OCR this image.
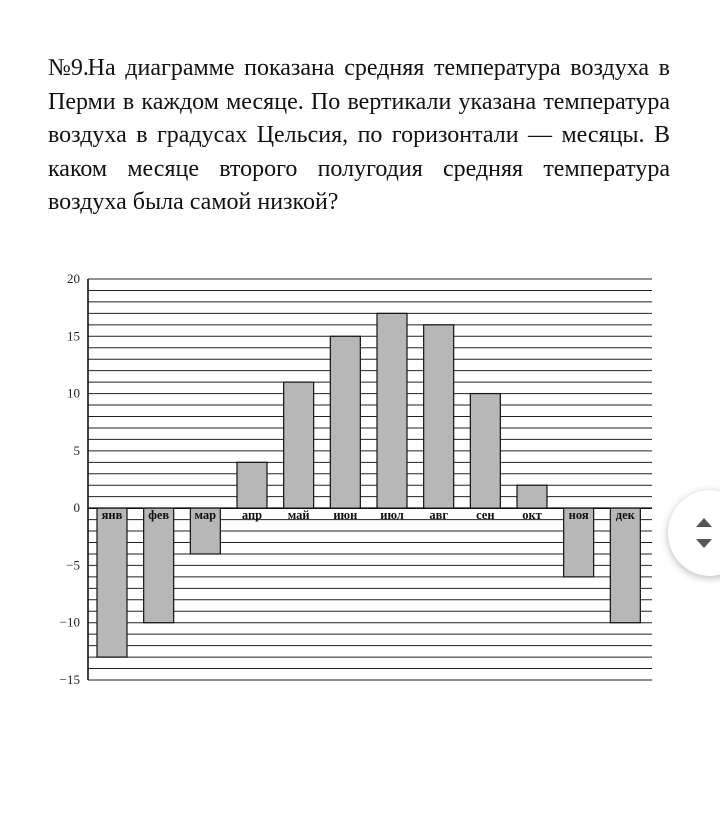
№9. На диаграмме показана средняя температура воздуха в Перми в каждом месяце. По вертикали указана температура воздуха в градусах Цельсия, по горизонтали — месяцы. В каком месяце второго полугодия средняя температура воздуха была самой низкой?

янв фев мар апр май июн июл авг сен окт ноя дек
20
15
10
5
0
−5
−10
−15
